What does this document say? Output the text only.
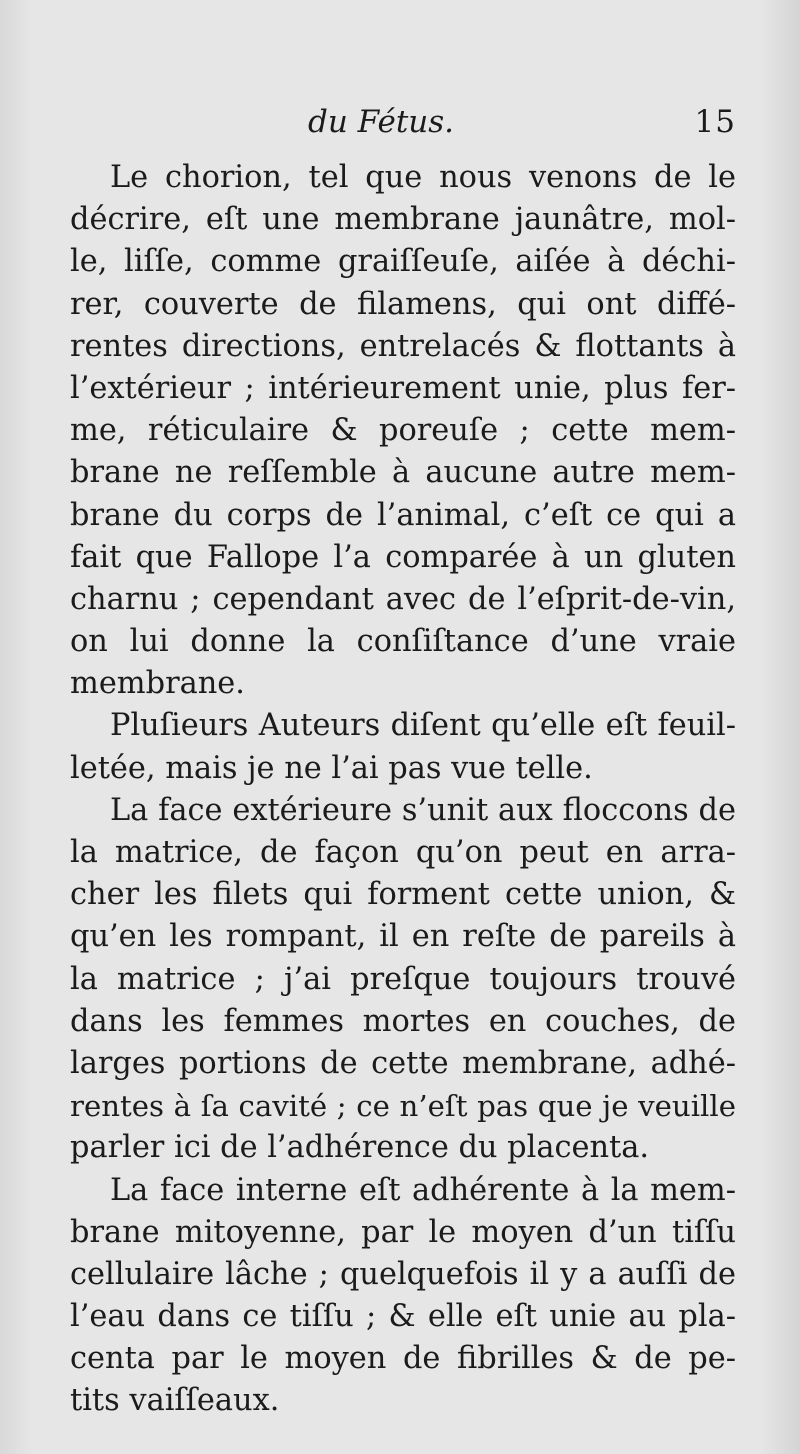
du Fétus.	15
Le chorion, tel que nous venons de le
décrire, eſt une membrane jaunâtre, mol-
le, liſſe, comme graiſſeuſe, aiſée à déchi-
rer, couverte de filamens, qui ont diffé-
rentes directions, entrelacés & flottants à
l’extérieur ; intérieurement unie, plus fer-
me, réticulaire & poreuſe ; cette mem-
brane ne reſſemble à aucune autre mem-
brane du corps de l’animal, c’eſt ce qui a
fait que Fallope l’a comparée à un gluten
charnu ; cependant avec de l’eſprit-de-vin,
on lui donne la conſiſtance d’une vraie
membrane.
Pluſieurs Auteurs diſent qu’elle eſt feuil-
letée, mais je ne l’ai pas vue telle.
La face extérieure s’unit aux floccons de
la matrice, de façon qu’on peut en arra-
cher les filets qui forment cette union, &
qu’en les rompant, il en reſte de pareils à
la matrice ; j’ai preſque toujours trouvé
dans les femmes mortes en couches, de
larges portions de cette membrane, adhé-
rentes à ſa cavité ; ce n’eſt pas que je veuille
parler ici de l’adhérence du placenta.
La face interne eſt adhérente à la mem-
brane mitoyenne, par le moyen d’un tiſſu
cellulaire lâche ; quelquefois il y a auſſi de
l’eau dans ce tiſſu ; & elle eſt unie au pla-
centa par le moyen de fibrilles & de pe-
tits vaiſſeaux.
